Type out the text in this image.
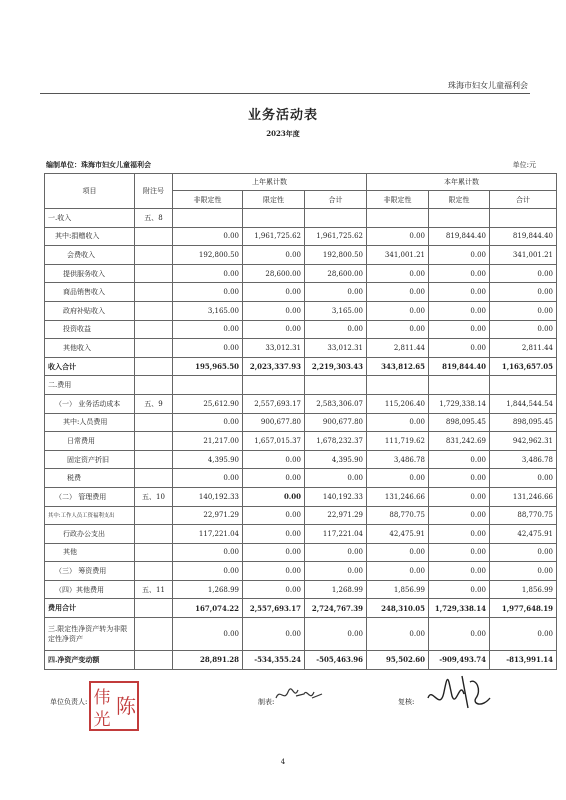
珠海市妇女儿童福利会
业务活动表
2023年度
编制单位：珠海市妇女儿童福利会	单位:元
项目	附注号	上年累计数			本年累计数		
		非限定性	限定性	合计	非限定性	限定性	合计
一.收入	五、8						
其中:捐赠收入		0.00	1,961,725.62	1,961,725.62	0.00	819,844.40	819,844.40
会费收入		192,800.50	0.00	192,800.50	341,001.21	0.00	341,001.21
提供服务收入		0.00	28,600.00	28,600.00	0.00	0.00	0.00
商品销售收入		0.00	0.00	0.00	0.00	0.00	0.00
政府补贴收入		3,165.00	0.00	3,165.00	0.00	0.00	0.00
投资收益		0.00	0.00	0.00	0.00	0.00	0.00
其他收入		0.00	33,012.31	33,012.31	2,811.44	0.00	2,811.44
收入合计		195,965.50	2,023,337.93	2,219,303.43	343,812.65	819,844.40	1,163,657.05
二.费用							
（一） 业务活动成本	五、9	25,612.90	2,557,693.17	2,583,306.07	115,206.40	1,729,338.14	1,844,544.54
其中:人员费用		0.00	900,677.80	900,677.80	0.00	898,095.45	898,095.45
日常费用		21,217.00	1,657,015.37	1,678,232.37	111,719.62	831,242.69	942,962.31
固定资产折旧		4,395.90	0.00	4,395.90	3,486.78	0.00	3,486.78
税费		0.00	0.00	0.00	0.00	0.00	0.00
（二） 管理费用	五、10	140,192.33	0.00	140,192.33	131,246.66	0.00	131,246.66
其中:工作人员工资福利支出		22,971.29	0.00	22,971.29	88,770.75	0.00	88,770.75
行政办公支出		117,221.04	0.00	117,221.04	42,475.91	0.00	42,475.91
其他		0.00	0.00	0.00	0.00	0.00	0.00
（三） 筹资费用		0.00	0.00	0.00	0.00	0.00	0.00
（四）其他费用	五、11	1,268.99	0.00	1,268.99	1,856.99	0.00	1,856.99
费用合计		167,074.22	2,557,693.17	2,724,767.39	248,310.05	1,729,338.14	1,977,648.19
三.限定性净资产转为非限定性净资产		0.00	0.00	0.00	0.00	0.00	0.00
四.净资产变动额		28,891.28	-534,355.24	-505,463.96	95,502.60	-909,493.74	-813,991.14
单位负责人: 伟 陈
光
制表:	复核:
4
